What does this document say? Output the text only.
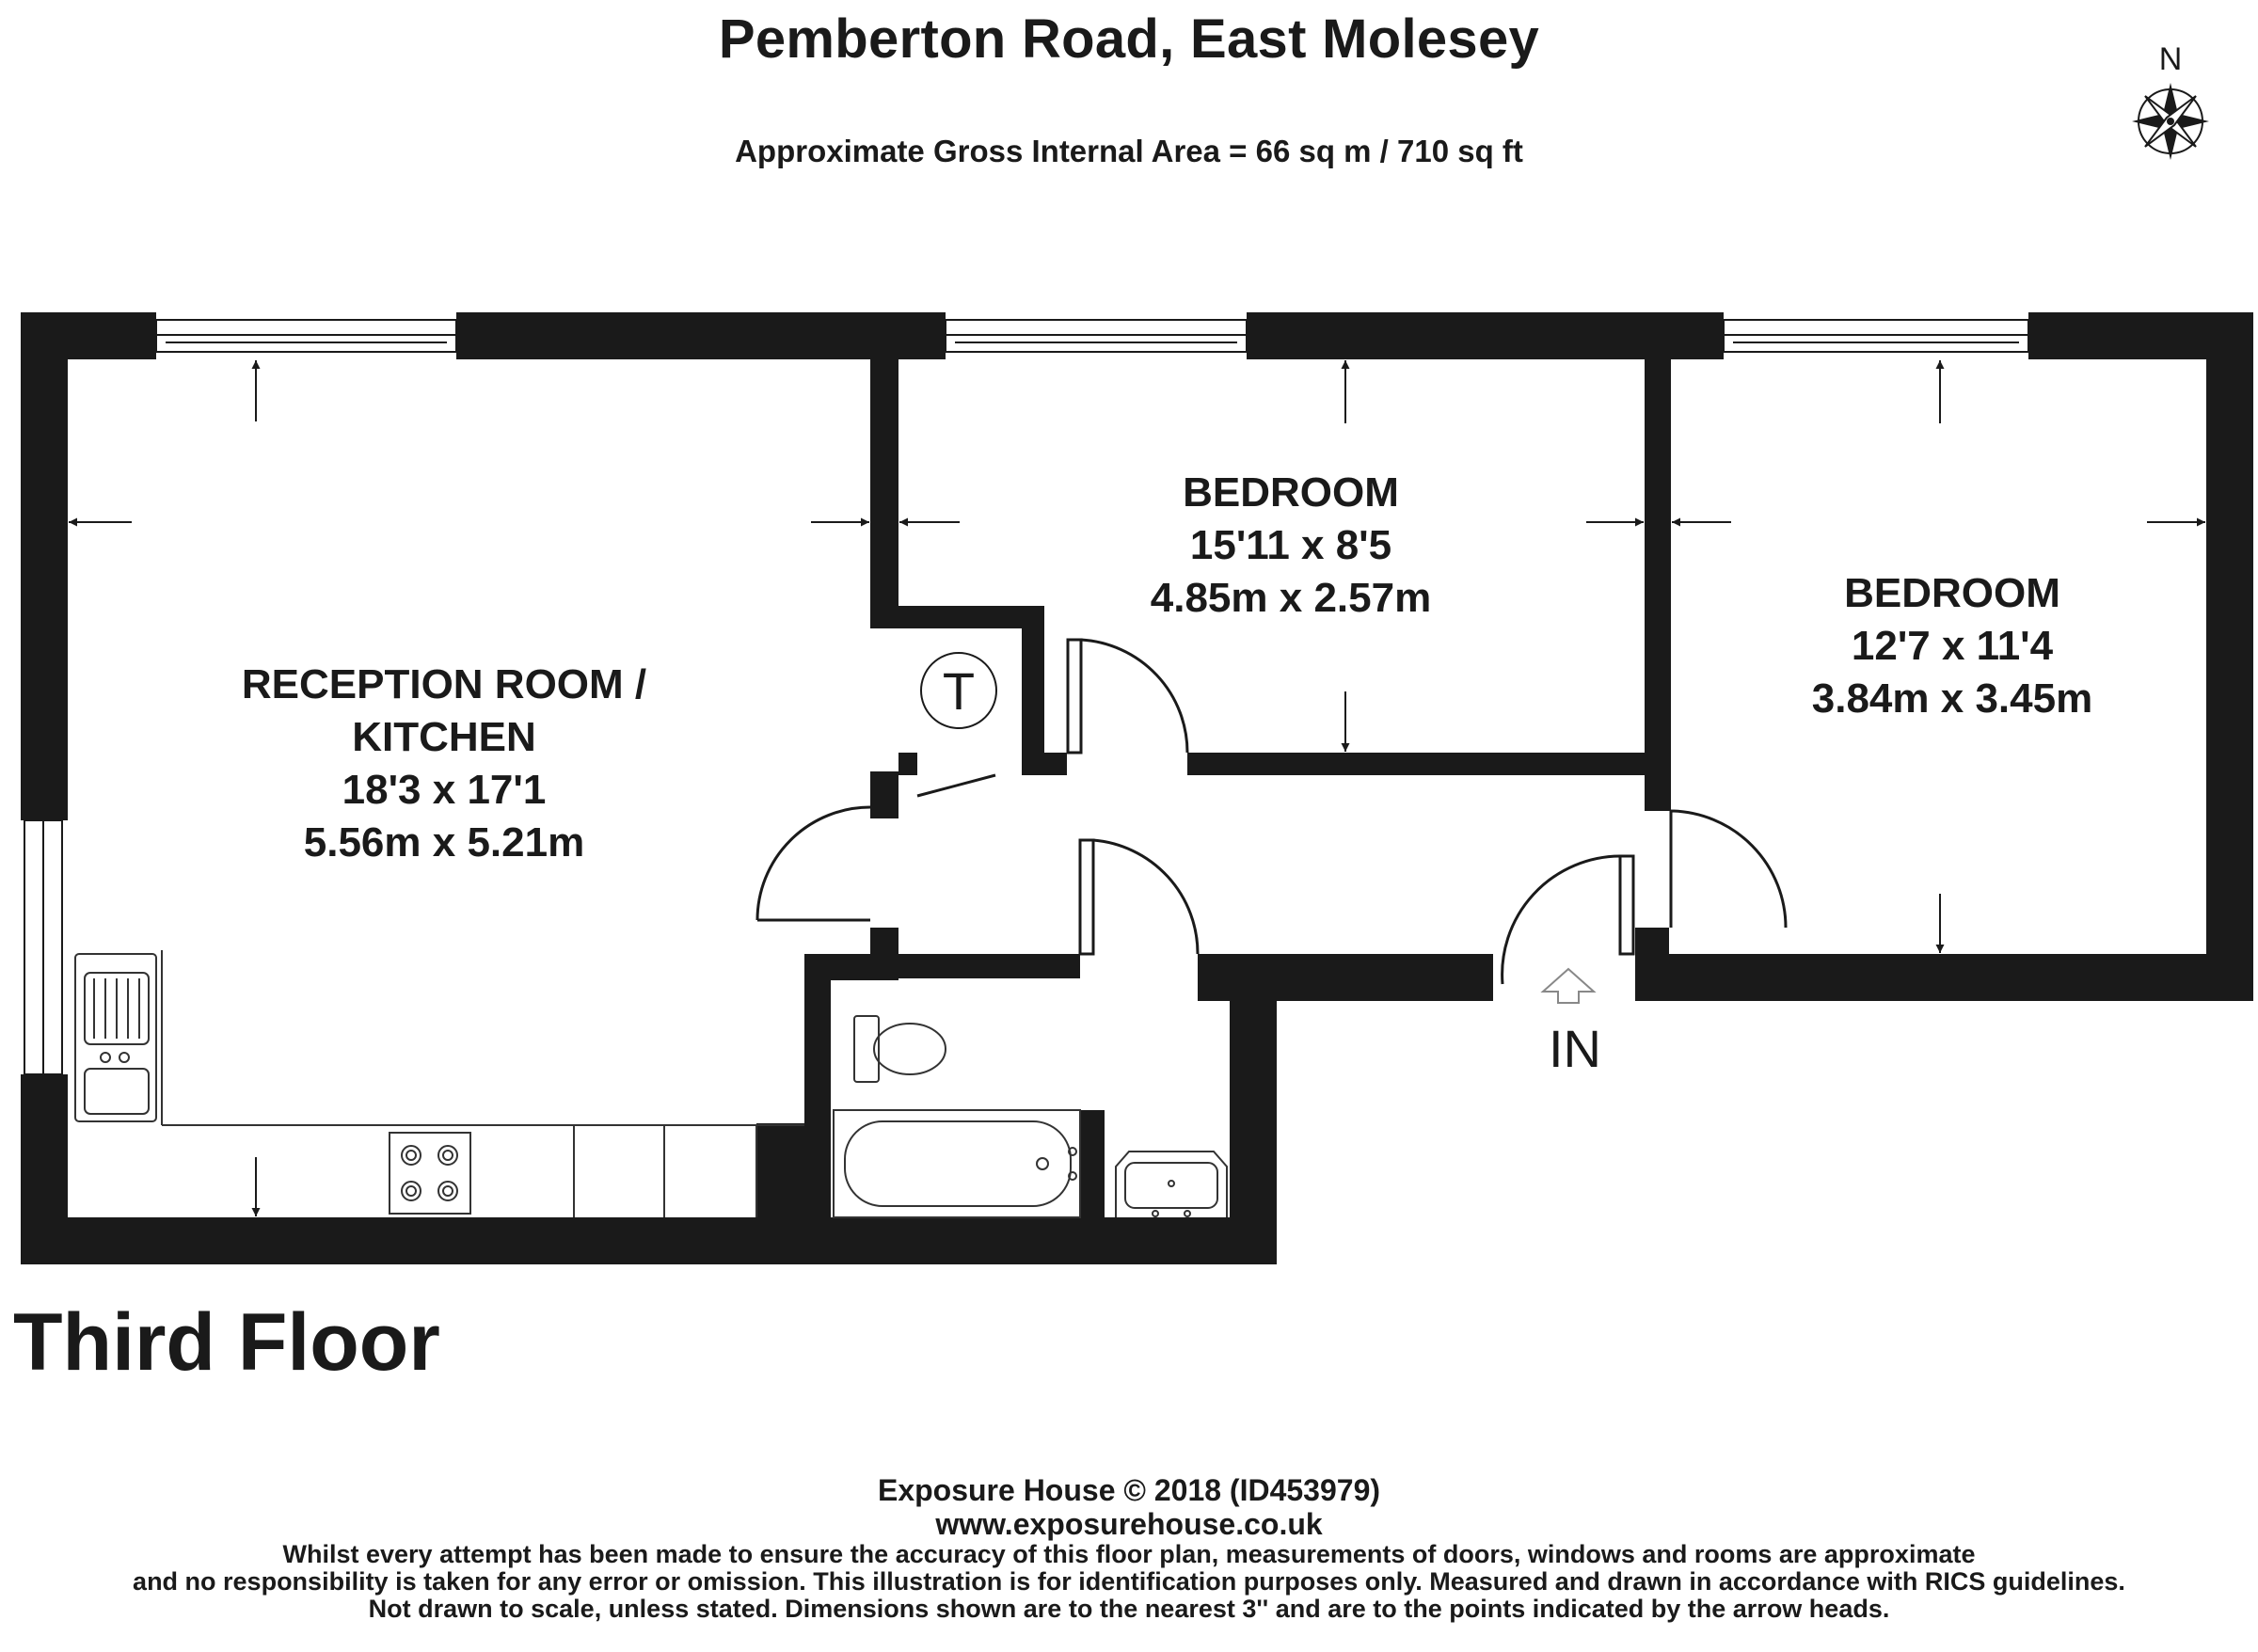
Pemberton Road, East Molesey
Approximate Gross Internal Area = 66 sq m / 710 sq ft
N
T
IN
RECEPTION ROOM /
KITCHEN
18'3 x 17'1
5.56m x 5.21m
BEDROOM
15'11 x 8'5
4.85m x 2.57m	BEDROOM
12'7 x 11'4
3.84m x 3.45m
Third Floor
Exposure House © 2018 (ID453979)
www.exposurehouse.co.uk
Whilst every attempt has been made to ensure the accuracy of this floor plan, measurements of doors, windows and rooms are approximate
and no responsibility is taken for any error or omission. This illustration is for identification purposes only. Measured and drawn in accordance with RICS guidelines.
Not drawn to scale, unless stated. Dimensions shown are to the nearest 3'' and are to the points indicated by the arrow heads.
